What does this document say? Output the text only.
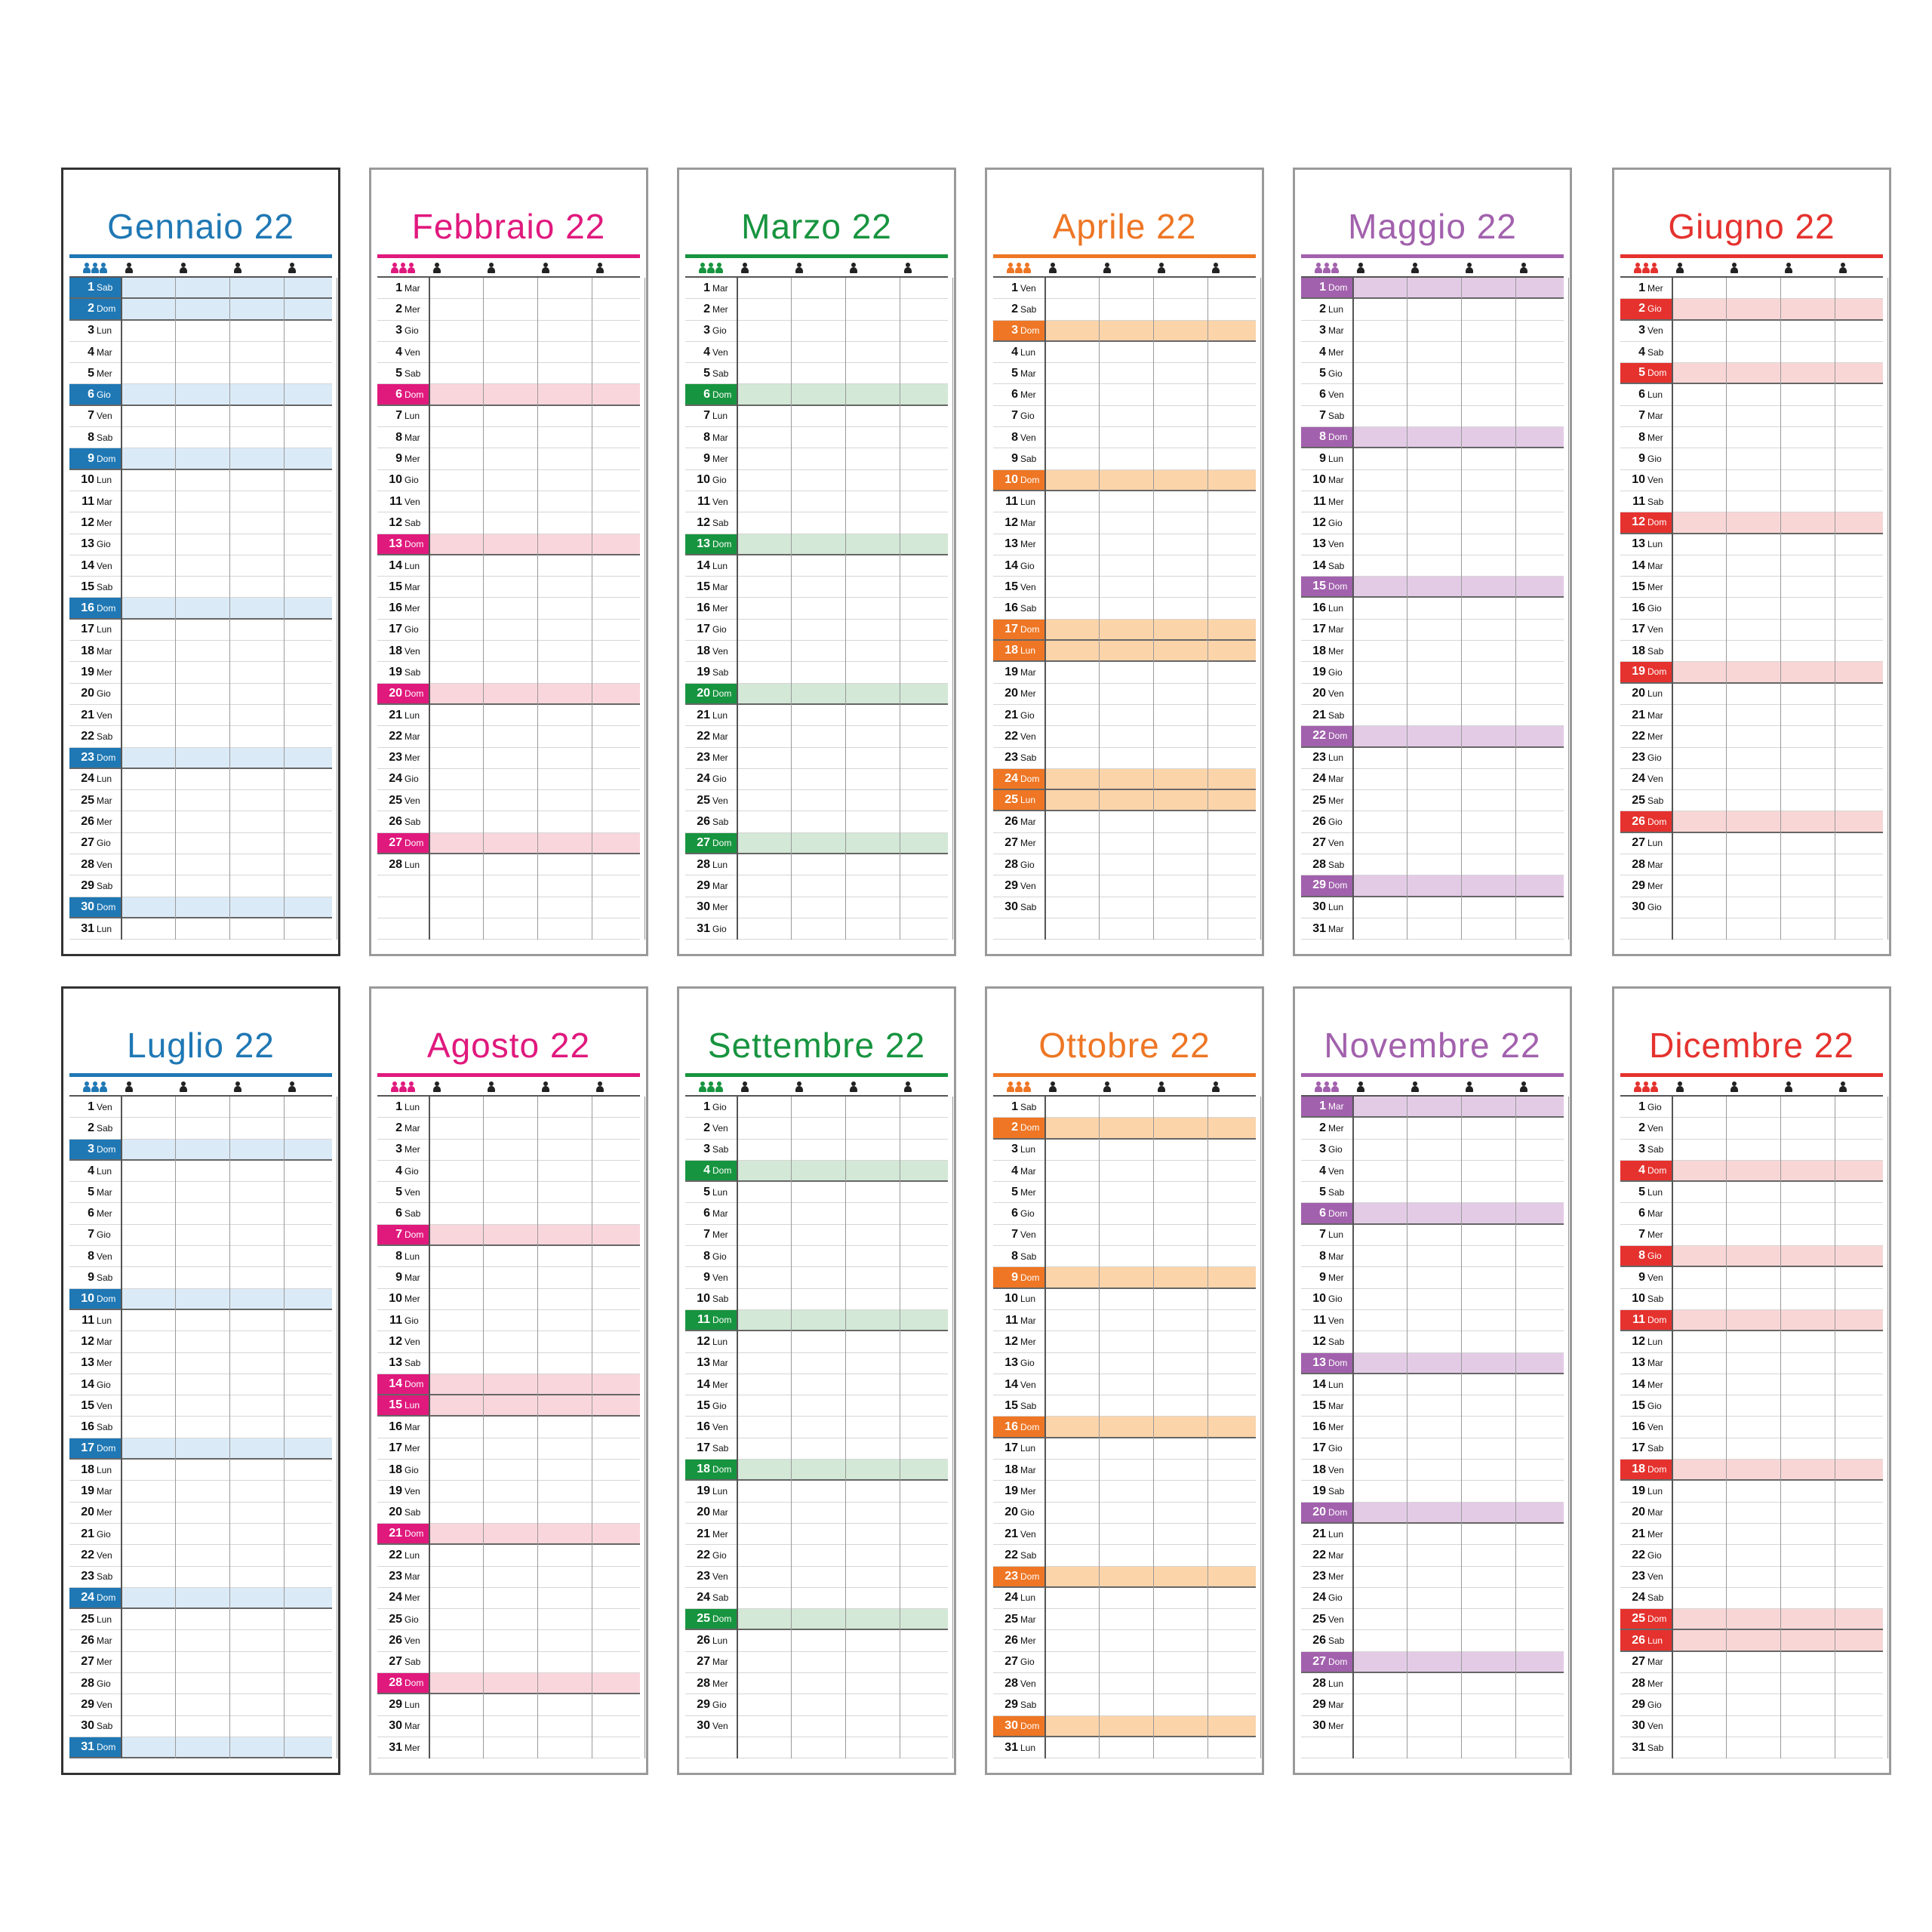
Gennaio 22
1 Sab
2 Dom
3 Lun
4 Mar
5 Mer
6 Gio
7 Ven
8 Sab
9 Dom
10 Lun
11 Mar
12 Mer
13 Gio
14 Ven
15 Sab
16 Dom
17 Lun
18 Mar
19 Mer
20 Gio
21 Ven
22 Sab
23 Dom
24 Lun
25 Mar
26 Mer
27 Gio
28 Ven
29 Sab
30 Dom
31 Lun
Febbraio 22
1 Mar
2 Mer
3 Gio
4 Ven
5 Sab
6 Dom
7 Lun
8 Mar
9 Mer
10 Gio
11 Ven
12 Sab
13 Dom
14 Lun
15 Mar
16 Mer
17 Gio
18 Ven
19 Sab
20 Dom
21 Lun
22 Mar
23 Mer
24 Gio
25 Ven
26 Sab
27 Dom
28 Lun
Marzo 22
1 Mar
2 Mer
3 Gio
4 Ven
5 Sab
6 Dom
7 Lun
8 Mar
9 Mer
10 Gio
11 Ven
12 Sab
13 Dom
14 Lun
15 Mar
16 Mer
17 Gio
18 Ven
19 Sab
20 Dom
21 Lun
22 Mar
23 Mer
24 Gio
25 Ven
26 Sab
27 Dom
28 Lun
29 Mar
30 Mer
31 Gio
Aprile 22
1 Ven
2 Sab
3 Dom
4 Lun
5 Mar
6 Mer
7 Gio
8 Ven
9 Sab
10 Dom
11 Lun
12 Mar
13 Mer
14 Gio
15 Ven
16 Sab
17 Dom
18 Lun
19 Mar
20 Mer
21 Gio
22 Ven
23 Sab
24 Dom
25 Lun
26 Mar
27 Mer
28 Gio
29 Ven
30 Sab
Maggio 22
1 Dom
2 Lun
3 Mar
4 Mer
5 Gio
6 Ven
7 Sab
8 Dom
9 Lun
10 Mar
11 Mer
12 Gio
13 Ven
14 Sab
15 Dom
16 Lun
17 Mar
18 Mer
19 Gio
20 Ven
21 Sab
22 Dom
23 Lun
24 Mar
25 Mer
26 Gio
27 Ven
28 Sab
29 Dom
30 Lun
31 Mar
Giugno 22
1 Mer
2 Gio
3 Ven
4 Sab
5 Dom
6 Lun
7 Mar
8 Mer
9 Gio
10 Ven
11 Sab
12 Dom
13 Lun
14 Mar
15 Mer
16 Gio
17 Ven
18 Sab
19 Dom
20 Lun
21 Mar
22 Mer
23 Gio
24 Ven
25 Sab
26 Dom
27 Lun
28 Mar
29 Mer
30 Gio
Luglio 22
1 Ven
2 Sab
3 Dom
4 Lun
5 Mar
6 Mer
7 Gio
8 Ven
9 Sab
10 Dom
11 Lun
12 Mar
13 Mer
14 Gio
15 Ven
16 Sab
17 Dom
18 Lun
19 Mar
20 Mer
21 Gio
22 Ven
23 Sab
24 Dom
25 Lun
26 Mar
27 Mer
28 Gio
29 Ven
30 Sab
31 Dom
Agosto 22
1 Lun
2 Mar
3 Mer
4 Gio
5 Ven
6 Sab
7 Dom
8 Lun
9 Mar
10 Mer
11 Gio
12 Ven
13 Sab
14 Dom
15 Lun
16 Mar
17 Mer
18 Gio
19 Ven
20 Sab
21 Dom
22 Lun
23 Mar
24 Mer
25 Gio
26 Ven
27 Sab
28 Dom
29 Lun
30 Mar
31 Mer
Settembre 22
1 Gio
2 Ven
3 Sab
4 Dom
5 Lun
6 Mar
7 Mer
8 Gio
9 Ven
10 Sab
11 Dom
12 Lun
13 Mar
14 Mer
15 Gio
16 Ven
17 Sab
18 Dom
19 Lun
20 Mar
21 Mer
22 Gio
23 Ven
24 Sab
25 Dom
26 Lun
27 Mar
28 Mer
29 Gio
30 Ven
Ottobre 22
1 Sab
2 Dom
3 Lun
4 Mar
5 Mer
6 Gio
7 Ven
8 Sab
9 Dom
10 Lun
11 Mar
12 Mer
13 Gio
14 Ven
15 Sab
16 Dom
17 Lun
18 Mar
19 Mer
20 Gio
21 Ven
22 Sab
23 Dom
24 Lun
25 Mar
26 Mer
27 Gio
28 Ven
29 Sab
30 Dom
31 Lun
Novembre 22
1 Mar
2 Mer
3 Gio
4 Ven
5 Sab
6 Dom
7 Lun
8 Mar
9 Mer
10 Gio
11 Ven
12 Sab
13 Dom
14 Lun
15 Mar
16 Mer
17 Gio
18 Ven
19 Sab
20 Dom
21 Lun
22 Mar
23 Mer
24 Gio
25 Ven
26 Sab
27 Dom
28 Lun
29 Mar
30 Mer
Dicembre 22
1 Gio
2 Ven
3 Sab
4 Dom
5 Lun
6 Mar
7 Mer
8 Gio
9 Ven
10 Sab
11 Dom
12 Lun
13 Mar
14 Mer
15 Gio
16 Ven
17 Sab
18 Dom
19 Lun
20 Mar
21 Mer
22 Gio
23 Ven
24 Sab
25 Dom
26 Lun
27 Mar
28 Mer
29 Gio
30 Ven
31 Sab
